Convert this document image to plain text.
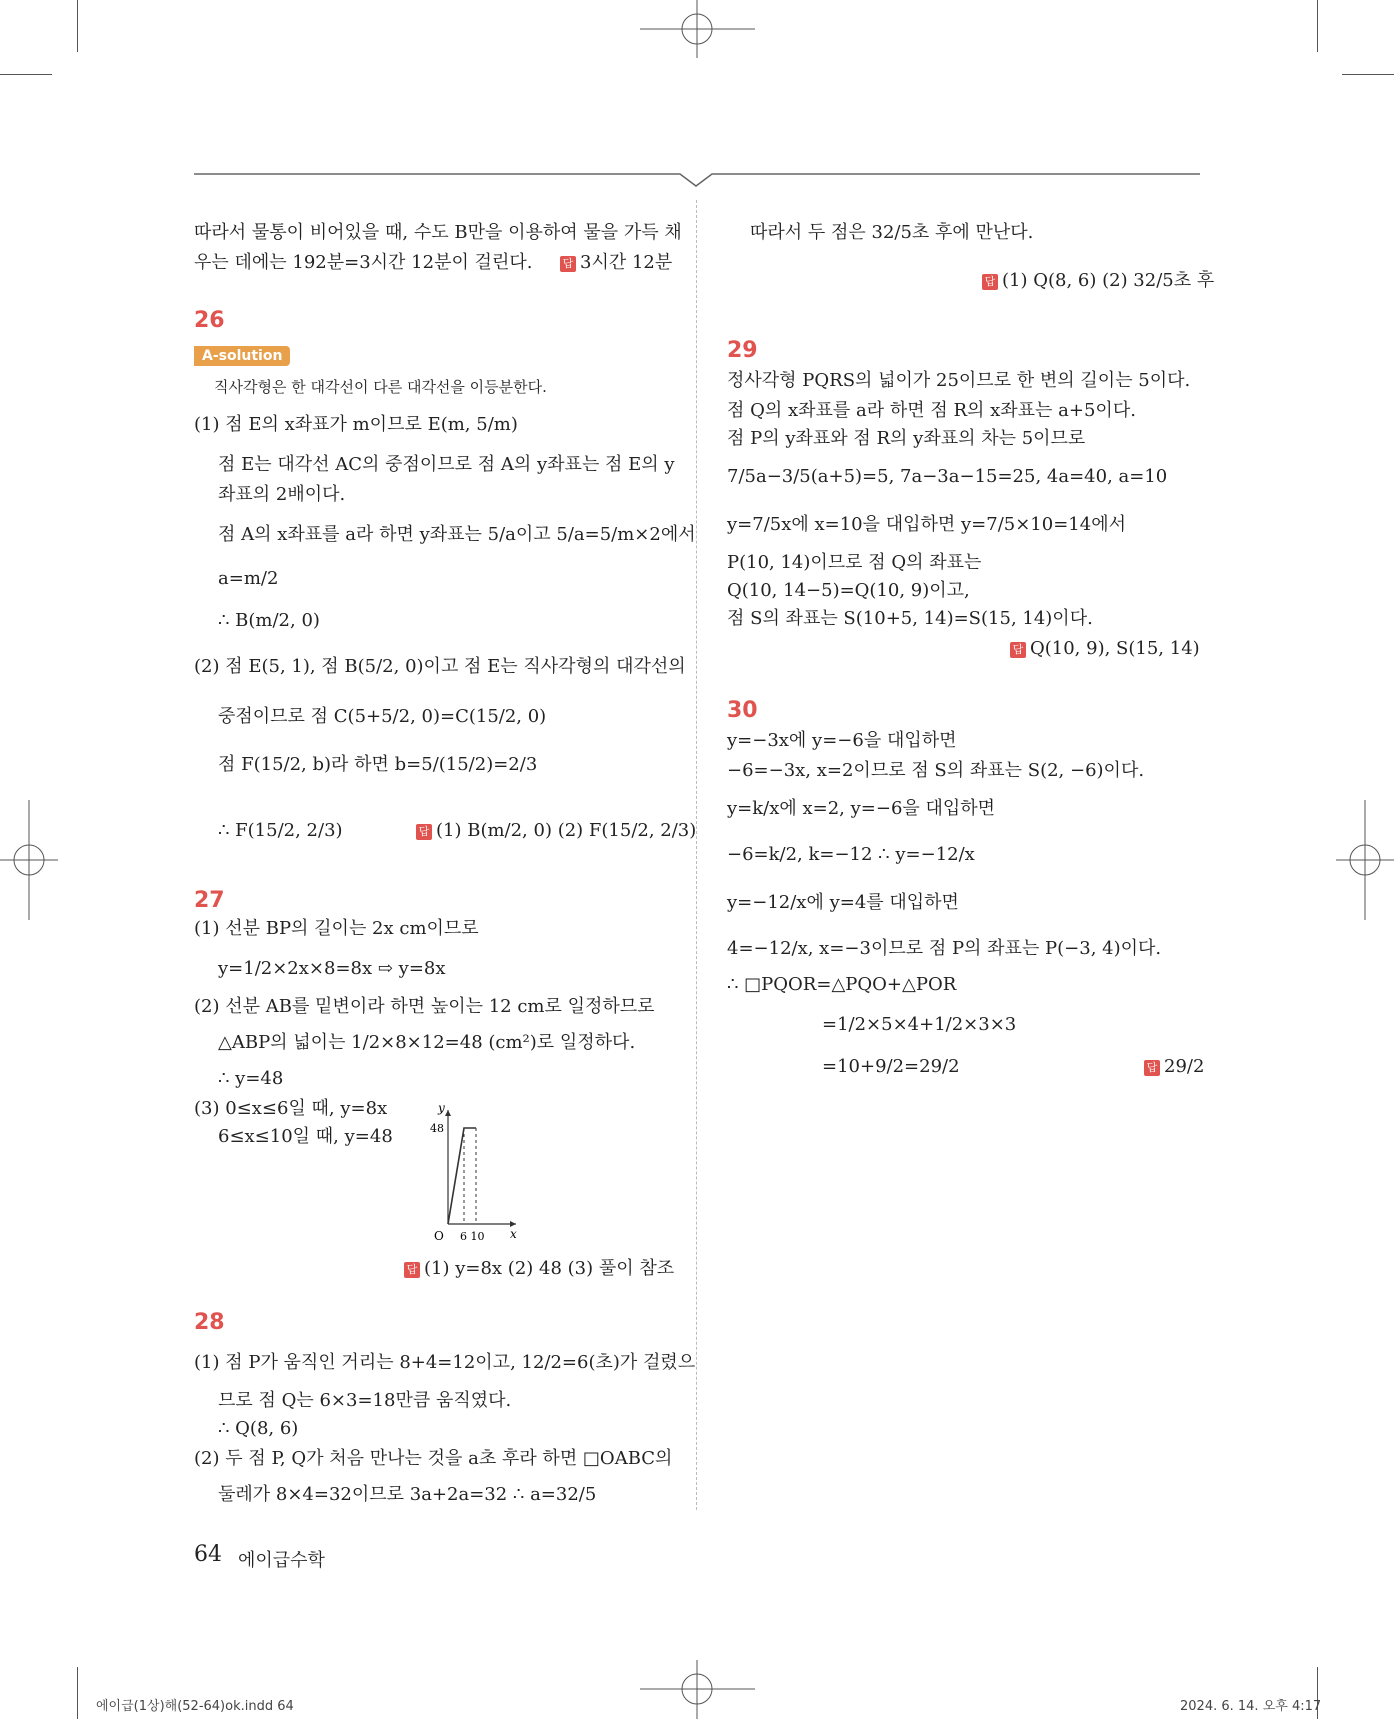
따라서 물통이 비어있을 때, 수도 B만을 이용하여 물을 가득 채
우는 데에는 192분=3시간 12분이 걸린다.	답 3시간 12분
26
A-solution
직사각형은 한 대각선이 다른 대각선을 이등분한다.
(1) 점 E의 x좌표가 m이므로 E(m, 5/m)
점 E는 대각선 AC의 중점이므로 점 A의 y좌표는 점 E의 y
좌표의 2배이다.
점 A의 x좌표를 a라 하면 y좌표는 5/a이고 5/a=5/m×2에서
a=m/2
∴ B(m/2, 0)
(2) 점 E(5, 1), 점 B(5/2, 0)이고 점 E는 직사각형의 대각선의
중점이므로 점 C(5+5/2, 0)=C(15/2, 0)
점 F(15/2, b)라 하면 b=5/(15/2)=2/3
∴ F(15/2, 2/3)	답 (1) B(m/2, 0) (2) F(15/2, 2/3)
27
(1) 선분 BP의 길이는 2x cm이므로
y=1/2×2x×8=8x ⇨ y=8x
(2) 선분 AB를 밑변이라 하면 높이는 12 cm로 일정하므로
△ABP의 넓이는 1/2×8×12=48 (cm²)로 일정하다.
∴ y=48
(3) 0≤x≤6일 때, y=8x
6≤x≤10일 때, y=48
y
x
O
48
6 10
답 (1) y=8x (2) 48 (3) 풀이 참조
28
(1) 점 P가 움직인 거리는 8+4=12이고, 12/2=6(초)가 걸렸으
므로 점 Q는 6×3=18만큼 움직였다.
∴ Q(8, 6)
(2) 두 점 P, Q가 처음 만나는 것을 a초 후라 하면 □OABC의
둘레가 8×4=32이므로 3a+2a=32 ∴ a=32/5
따라서 두 점은 32/5초 후에 만난다.
답 (1) Q(8, 6) (2) 32/5초 후
29
정사각형 PQRS의 넓이가 25이므로 한 변의 길이는 5이다.
점 Q의 x좌표를 a라 하면 점 R의 x좌표는 a+5이다.
점 P의 y좌표와 점 R의 y좌표의 차는 5이므로
7/5a−3/5(a+5)=5, 7a−3a−15=25, 4a=40, a=10
y=7/5x에 x=10을 대입하면 y=7/5×10=14에서
P(10, 14)이므로 점 Q의 좌표는
Q(10, 14−5)=Q(10, 9)이고,
점 S의 좌표는 S(10+5, 14)=S(15, 14)이다.
답 Q(10, 9), S(15, 14)
30
y=−3x에 y=−6을 대입하면
−6=−3x, x=2이므로 점 S의 좌표는 S(2, −6)이다.
y=k/x에 x=2, y=−6을 대입하면
−6=k/2, k=−12 ∴ y=−12/x
y=−12/x에 y=4를 대입하면
4=−12/x, x=−3이므로 점 P의 좌표는 P(−3, 4)이다.
∴ □PQOR=△PQO+△POR
=1/2×5×4+1/2×3×3
=10+9/2=29/2	답 29/2
64 에이급수학
에이급(1상)해(52-64)ok.indd 64	2024. 6. 14. 오후 4:17
